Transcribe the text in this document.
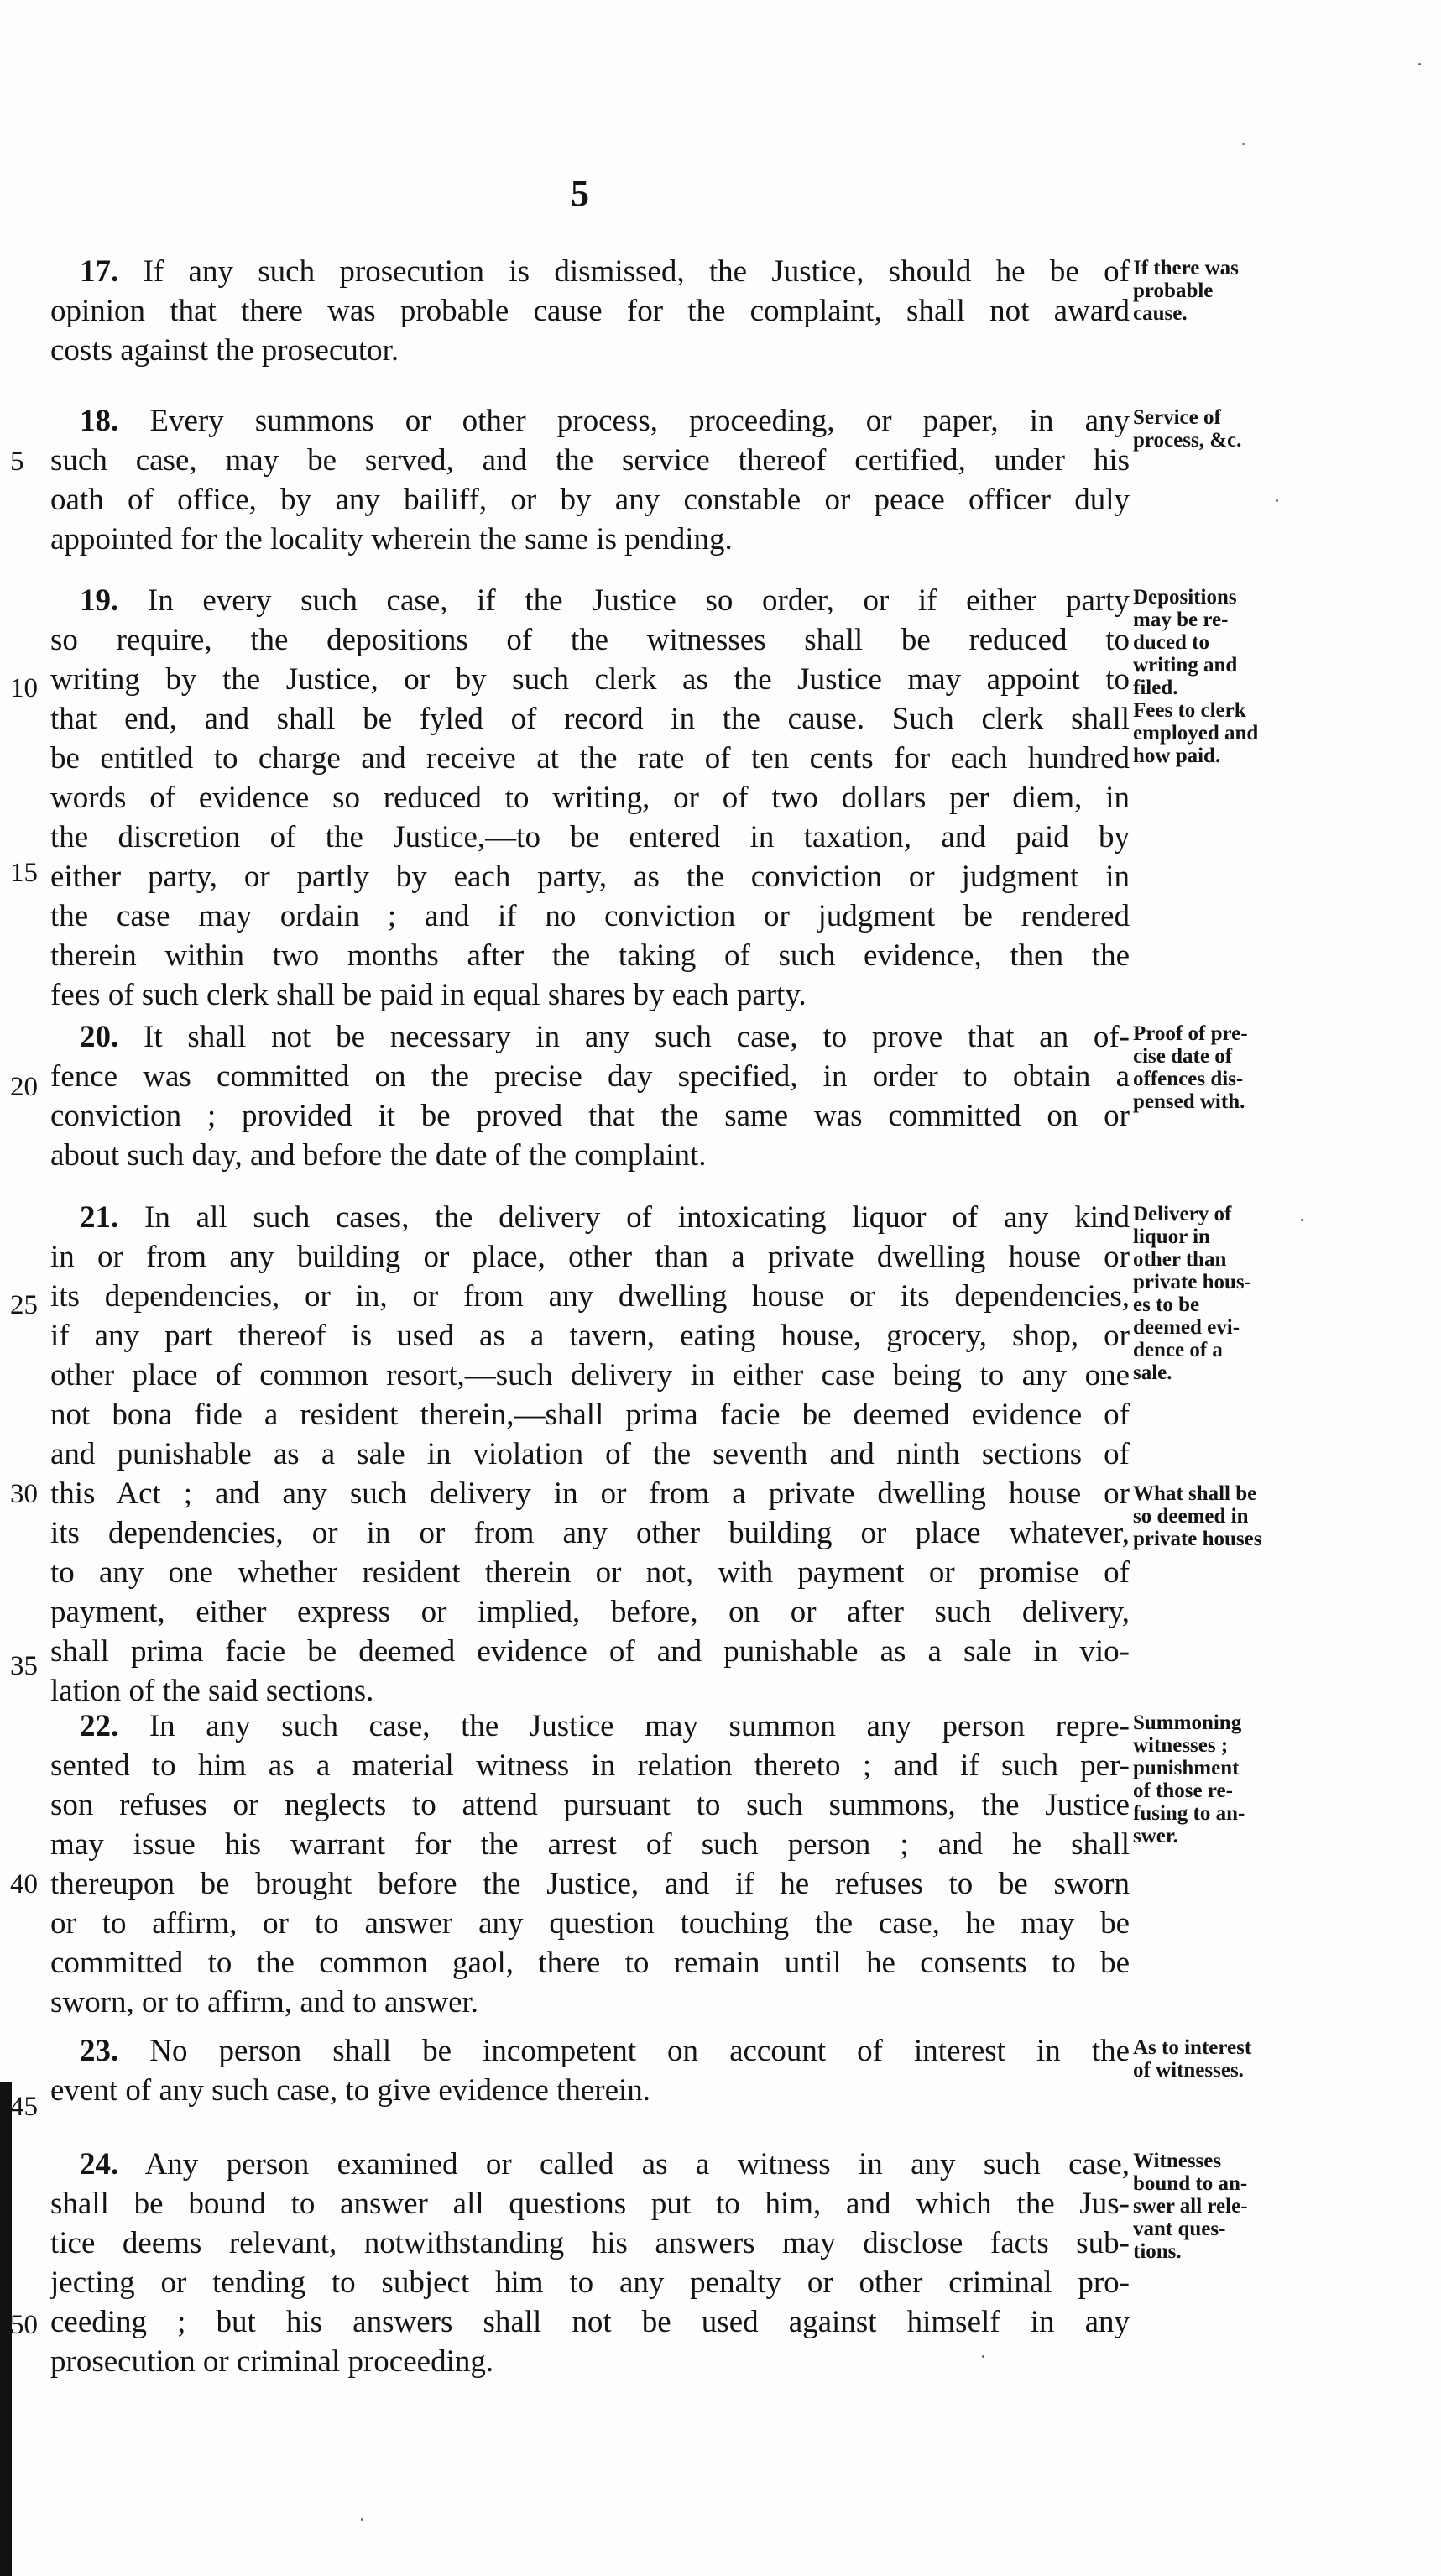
5
5
10
15
20
25
30
35
40
45
50
17. If any such prosecution is dismissed, the Justice, should he be of
opinion that there was probable cause for the complaint, shall not award
costs against the prosecutor.
If there was
probable
cause.
18. Every summons or other process, proceeding, or paper, in any
such case, may be served, and the service thereof certified, under his
oath of office, by any bailiff, or by any constable or peace officer duly
appointed for the locality wherein the same is pending.
Service of
process, &c.
19. In every such case, if the Justice so order, or if either party
so require, the depositions of the witnesses shall be reduced to
writing by the Justice, or by such clerk as the Justice may appoint to
that end, and shall be fyled of record in the cause. Such clerk shall
be entitled to charge and receive at the rate of ten cents for each hundred
words of evidence so reduced to writing, or of two dollars per diem, in
the discretion of the Justice,—to be entered in taxation, and paid by
either party, or partly by each party, as the conviction or judgment in
the case may ordain ; and if no conviction or judgment be rendered
therein within two months after the taking of such evidence, then the
fees of such clerk shall be paid in equal shares by each party.
Depositions
may be re-
duced to
writing and
filed.
Fees to clerk
employed and
how paid.
20. It shall not be necessary in any such case, to prove that an of-
fence was committed on the precise day specified, in order to obtain a
conviction ; provided it be proved that the same was committed on or
about such day, and before the date of the complaint.
Proof of pre-
cise date of
offences dis-
pensed with.
21. In all such cases, the delivery of intoxicating liquor of any kind
in or from any building or place, other than a private dwelling house or
its dependencies, or in, or from any dwelling house or its dependencies,
if any part thereof is used as a tavern, eating house, grocery, shop, or
other place of common resort,—such delivery in either case being to any one
not bona fide a resident therein,—shall prima facie be deemed evidence of
and punishable as a sale in violation of the seventh and ninth sections of
this Act ; and any such delivery in or from a private dwelling house or
its dependencies, or in or from any other building or place whatever,
to any one whether resident therein or not, with payment or promise of
payment, either express or implied, before, on or after such delivery,
shall prima facie be deemed evidence of and punishable as a sale in vio-
lation of the said sections.
Delivery of
liquor in
other than
private hous-
es to be
deemed evi-
dence of a
sale.
What shall be
so deemed in
private houses
22. In any such case, the Justice may summon any person repre-
sented to him as a material witness in relation thereto ; and if such per-
son refuses or neglects to attend pursuant to such summons, the Justice
may issue his warrant for the arrest of such person ; and he shall
thereupon be brought before the Justice, and if he refuses to be sworn
or to affirm, or to answer any question touching the case, he may be
committed to the common gaol, there to remain until he consents to be
sworn, or to affirm, and to answer.
Summoning
witnesses ;
punishment
of those re-
fusing to an-
swer.
23. No person shall be incompetent on account of interest in the
event of any such case, to give evidence therein.
As to interest
of witnesses.
24. Any person examined or called as a witness in any such case,
shall be bound to answer all questions put to him, and which the Jus-
tice deems relevant, notwithstanding his answers may disclose facts sub-
jecting or tending to subject him to any penalty or other criminal pro-
ceeding ; but his answers shall not be used against himself in any
prosecution or criminal proceeding.
Witnesses
bound to an-
swer all rele-
vant ques-
tions.
